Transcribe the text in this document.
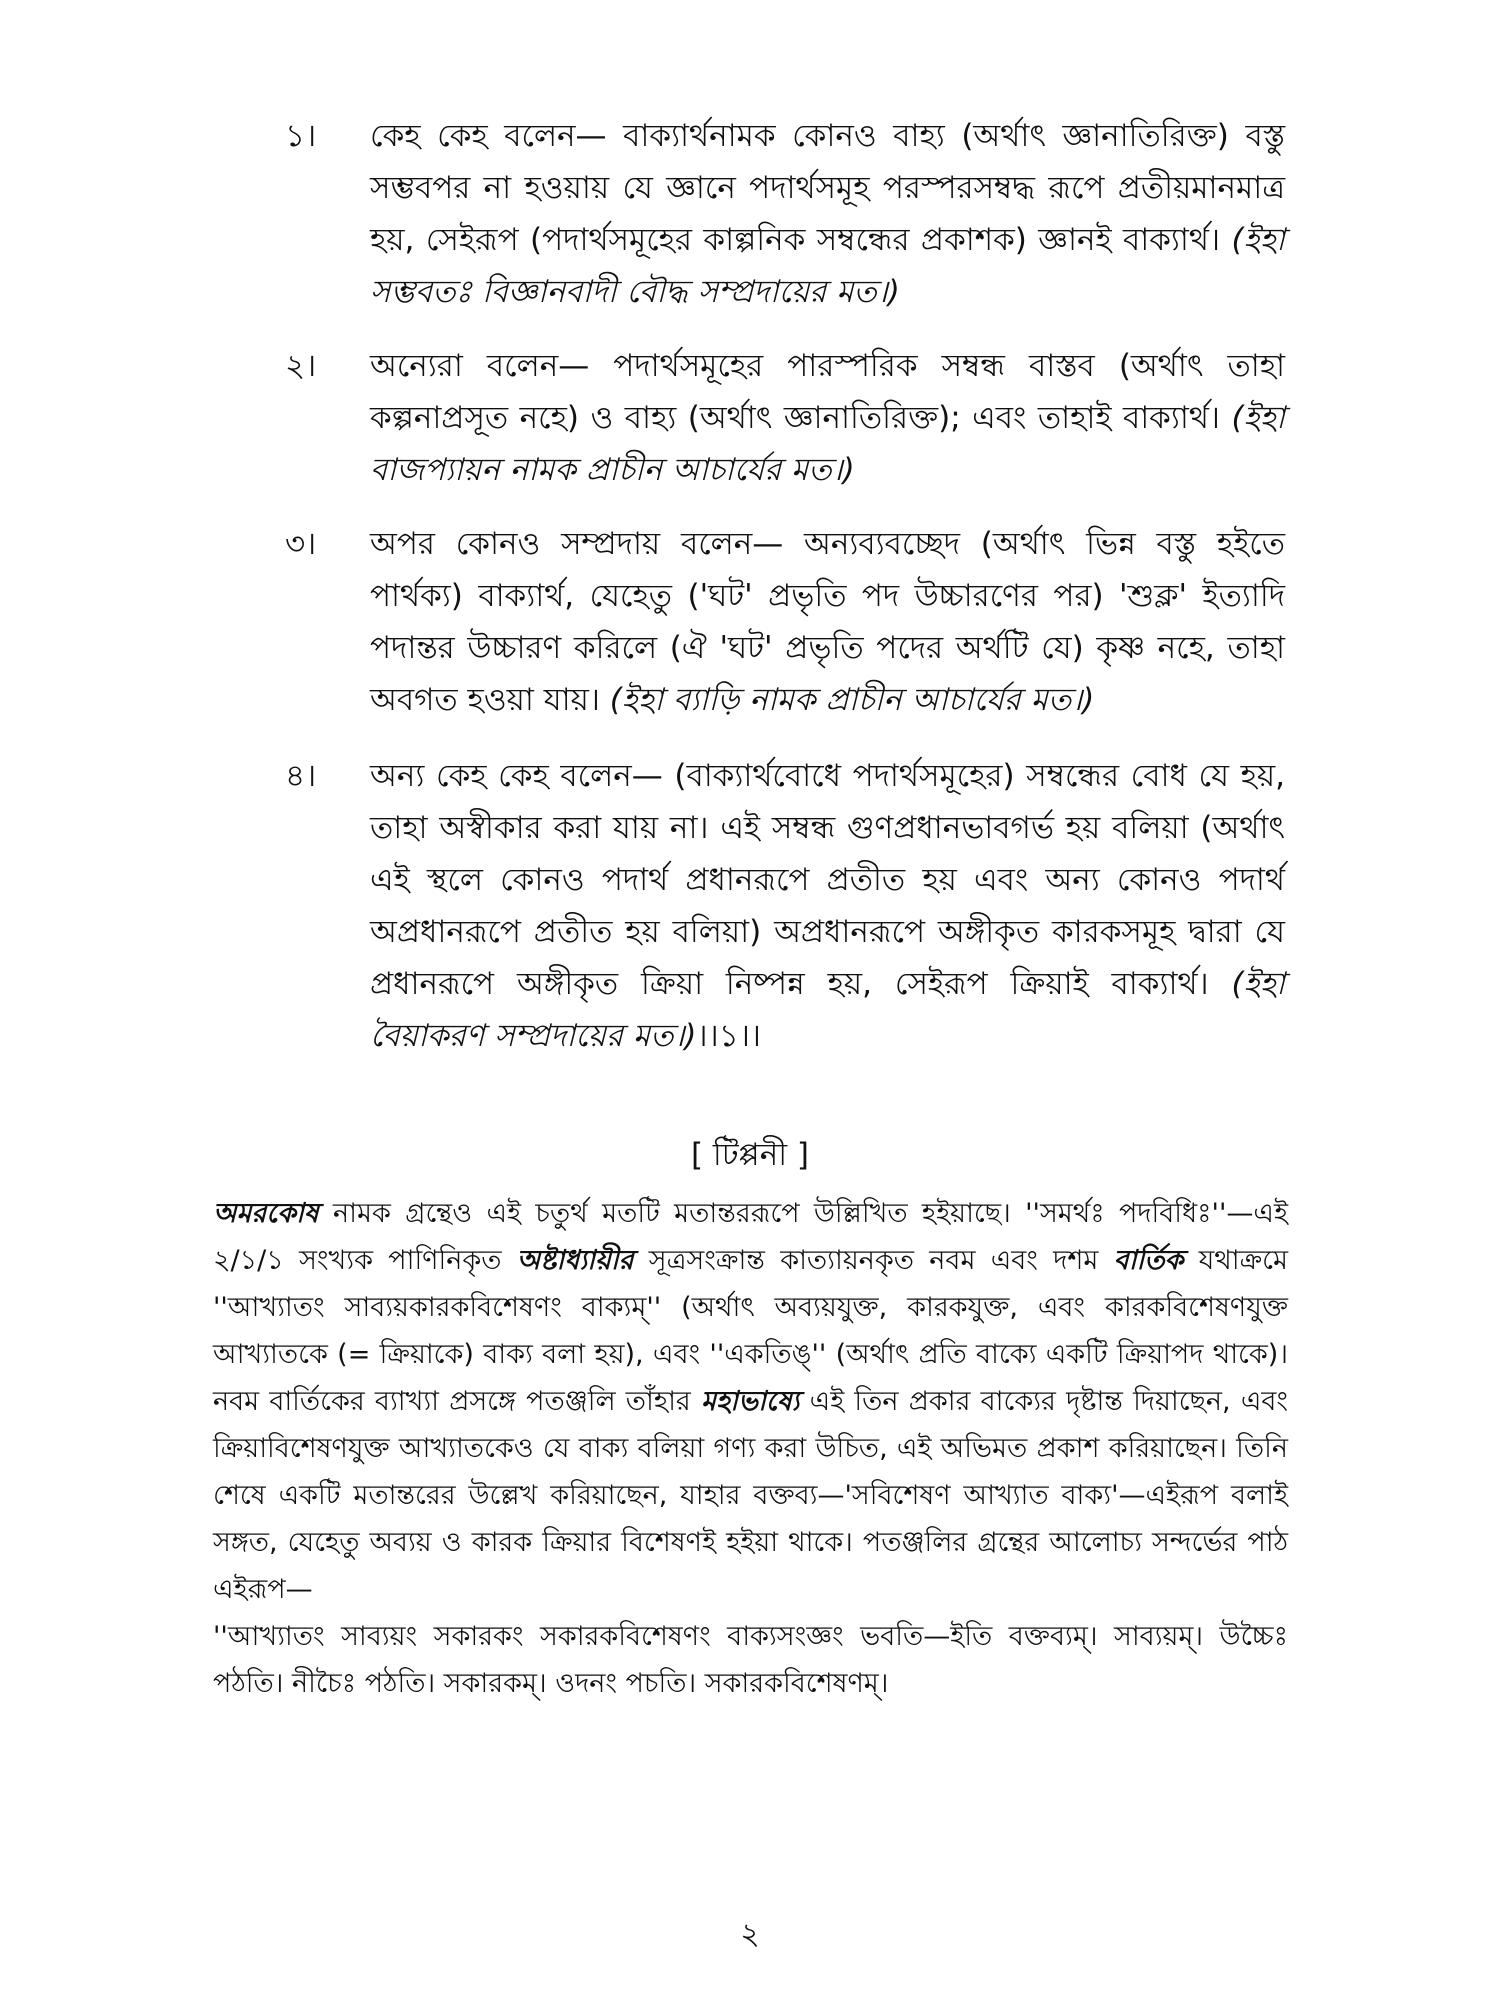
১।	কেহ কেহ বলেন— বাক্যার্থনামক কোনও বাহ্য (অর্থাৎ জ্ঞানাতিরিক্ত) বস্তু সম্ভবপর না হওয়ায় যে জ্ঞানে পদার্থসমূহ পরস্পরসম্বদ্ধ রূপে প্রতীয়মানমাত্র হয়, সেইরূপ (পদার্থসমূহের কাল্পনিক সম্বন্ধের প্রকাশক) জ্ঞানই বাক্যার্থ। (ইহা সম্ভবতঃ বিজ্ঞানবাদী বৌদ্ধ সম্প্রদায়ের মত।)
২।	অন্যেরা বলেন— পদার্থসমূহের পারস্পরিক সম্বন্ধ বাস্তব (অর্থাৎ তাহা কল্পনাপ্রসূত নহে) ও বাহ্য (অর্থাৎ জ্ঞানাতিরিক্ত); এবং তাহাই বাক্যার্থ। (ইহা বাজপ্যায়ন নামক প্রাচীন আচার্যের মত।)
৩।	অপর কোনও সম্প্রদায় বলেন— অন্যব্যবচ্ছেদ (অর্থাৎ ভিন্ন বস্তু হইতে পার্থক্য) বাক্যার্থ, যেহেতু ('ঘট' প্রভৃতি পদ উচ্চারণের পর) 'শুক্ল' ইত্যাদি পদান্তর উচ্চারণ করিলে (ঐ 'ঘট' প্রভৃতি পদের অর্থটি যে) কৃষ্ণ নহে, তাহা অবগত হওয়া যায়। (ইহা ব্যাড়ি নামক প্রাচীন আচার্যের মত।)
৪।	অন্য কেহ কেহ বলেন— (বাক্যার্থবোধে পদার্থসমূহের) সম্বন্ধের বোধ যে হয়, তাহা অস্বীকার করা যায় না। এই সম্বন্ধ গুণপ্রধানভাবগর্ভ হয় বলিয়া (অর্থাৎ এই স্থলে কোনও পদার্থ প্রধানরূপে প্রতীত হয় এবং অন্য কোনও পদার্থ অপ্রধানরূপে প্রতীত হয় বলিয়া) অপ্রধানরূপে অঙ্গীকৃত কারকসমূহ দ্বারা যে প্রধানরূপে অঙ্গীকৃত ক্রিয়া নিষ্পন্ন হয়, সেইরূপ ক্রিয়াই বাক্যার্থ। (ইহা বৈয়াকরণ সম্প্রদায়ের মত।)।।১।।
[ টিপ্পনী ]

অমরকোষ নামক গ্রন্থেও এই চতুর্থ মতটি মতান্তররূপে উল্লিখিত হইয়াছে। ''সমর্থঃ পদবিধিঃ''—এই ২/১/১ সংখ্যক পাণিনিকৃত অষ্টাধ্যায়ীর সূত্রসংক্রান্ত কাত্যায়নকৃত নবম এবং দশম বার্তিক যথাক্রমে ''আখ্যাতং সাব্যয়কারকবিশেষণং বাক্যম্'' (অর্থাৎ অব্যয়যুক্ত, কারকযুক্ত, এবং কারকবিশেষণযুক্ত আখ্যাতকে (= ক্রিয়াকে) বাক্য বলা হয়), এবং ''একতিঙ্'' (অর্থাৎ প্রতি বাক্যে একটি ক্রিয়াপদ থাকে)। নবম বার্তিকের ব্যাখ্যা প্রসঙ্গে পতঞ্জলি তাঁহার মহাভাষ্যে এই তিন প্রকার বাক্যের দৃষ্টান্ত দিয়াছেন, এবং ক্রিয়াবিশেষণযুক্ত আখ্যাতকেও যে বাক্য বলিয়া গণ্য করা উচিত, এই অভিমত প্রকাশ করিয়াছেন। তিনি শেষে একটি মতান্তরের উল্লেখ করিয়াছেন, যাহার বক্তব্য—'সবিশেষণ আখ্যাত বাক্য'—এইরূপ বলাই সঙ্গত, যেহেতু অব্যয় ও কারক ক্রিয়ার বিশেষণই হইয়া থাকে। পতঞ্জলির গ্রন্থের আলোচ্য সন্দর্ভের পাঠ এইরূপ—

''আখ্যাতং সাব্যয়ং সকারকং সকারকবিশেষণং বাক্যসংজ্ঞং ভবতি—ইতি বক্তব্যম্। সাব্যয়ম্। উচ্চৈঃ পঠতি। নীচৈঃ পঠতি। সকারকম্। ওদনং পচতি। সকারকবিশেষণম্।

২
